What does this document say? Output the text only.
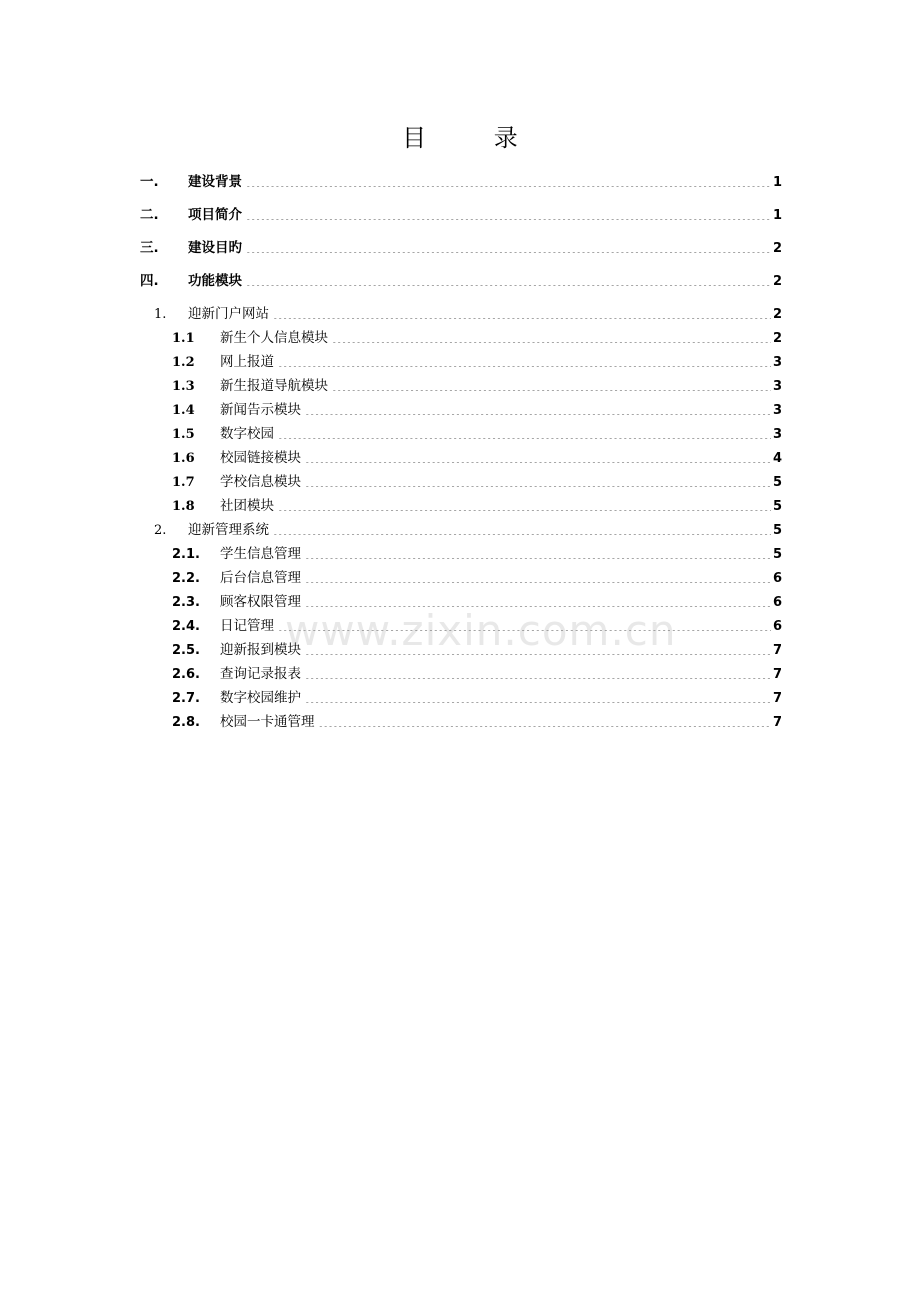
目 录
一.	建设背景 .....	1
二.	项目简介 .....	1
三.	建设目旳 .....	2
四.	功能模块 .....	2
1.	迎新门户网站 .....	2
1.1	新生个人信息模块 .....	2
1.2	网上报道 .....	3
1.3	新生报道导航模块 .....	3
1.4	新闻告示模块 .....	3
1.5	数字校园 .....	3
1.6	校园链接模块 .....	4
1.7	学校信息模块 .....	5
1.8	社团模块 .....	5
2.	迎新管理系统 .....	5
2.1.	学生信息管理 .....	5
2.2.	后台信息管理 .....	6
2.3.	顾客权限管理 .....	6
2.4.	日记管理 .....	6
2.5.	迎新报到模块 .....	7
2.6.	查询记录报表 .....	7
2.7.	数字校园维护 .....	7
2.8.	校园一卡通管理 .....	7
www.zixin.com.cn
